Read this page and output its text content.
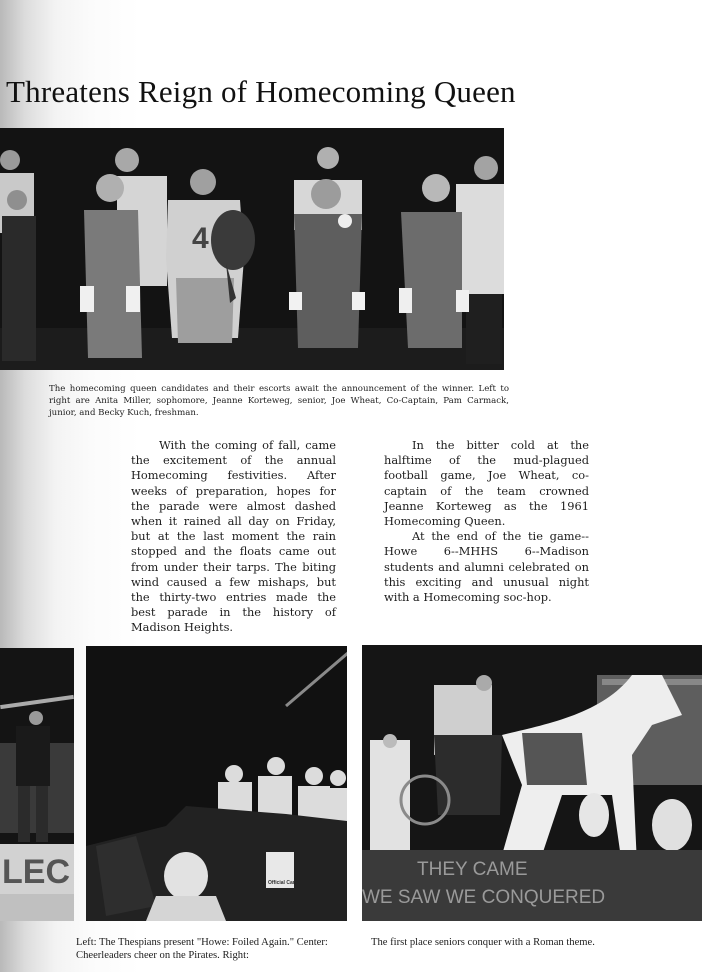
Threatens Reign of Homecoming Queen
4

The homecoming queen candidates and their escorts await the announcement of the winner. Left to right are Anita Miller, sophomore, Jeanne Korteweg, senior, Joe Wheat, Co-Captain, Pam Carmack, junior, and Becky Kuch, freshman.

With the coming of fall, came the excitement of the annual Homecoming festivities. After weeks of preparation, hopes for the parade were almost dashed when it rained all day on Friday, but at the last moment the rain stopped and the floats came out from under their tarps. The biting wind caused a few mishaps, but the thirty-two entries made the best parade in the history of Madison Heights.

In the bitter cold at the halftime of the mud-plagued football game, Joe Wheat, co-captain of the team crowned Jeanne Korteweg as the 1961 Homecoming Queen.

At the end of the tie game--Howe 6--MHHS 6--Madison students and alumni celebrated on this exciting and unusual night with a Homecoming soc-hop.

LEC	Official Car
THEY CAME
WE SAW WE CONQUERED

Left: The Thespians present "Howe: Foiled Again." Center: Cheerleaders cheer on the Pirates. Right:

The first place seniors conquer with a Roman theme.
